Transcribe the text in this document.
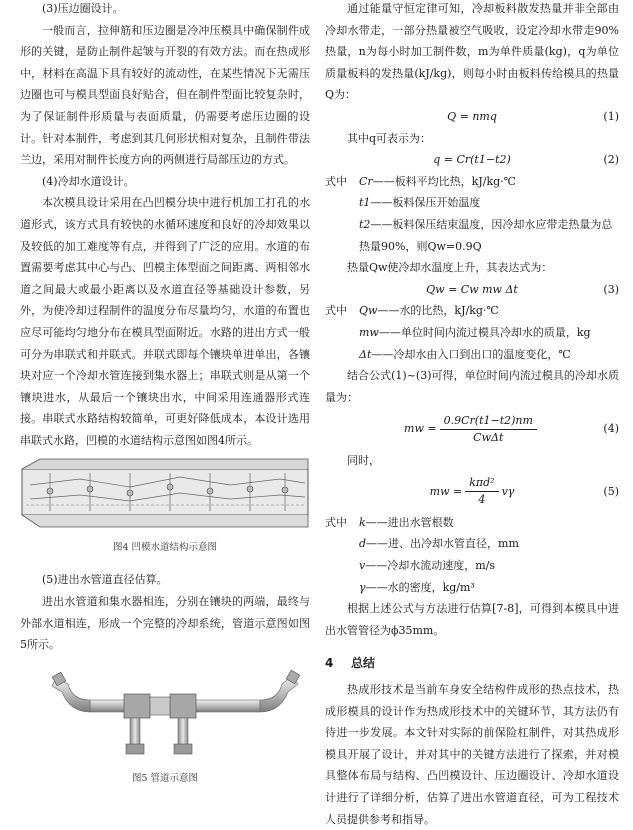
(3)压边圈设计。

一般而言，拉伸筋和压边圈是冷冲压模具中确保制件成形的关键，是防止制件起皱与开裂的有效方法。而在热成形中，材料在高温下具有较好的流动性，在某些情况下无需压边圈也可与模具型面良好贴合，但在制件型面比较复杂时，为了保证制件形质量与表面质量，仍需要考虑压边圈的设计。针对本制件，考虑到其几何形状相对复杂，且制件带法兰边，采用对制件长度方向的两侧进行局部压边的方式。

(4)冷却水道设计。

本次模具设计采用在凸凹模分块中进行机加工打孔的水道形式，该方式具有较快的水循环速度和良好的冷却效果以及较低的加工难度等有点，并得到了广泛的应用。水道的布置需要考虑其中心与凸、凹模主体型面之间距离、两相邻水道之间最大或最小距离以及水道直径等基础设计参数，另外，为使冷却过程制件的温度分布尽量均匀，水道的布置也应尽可能均匀地分布在模具型面附近。水路的进出方式一般可分为串联式和并联式。并联式即每个镶块单进单出，各镶块对应一个冷却水管连接到集水器上；串联式则是从第一个镶块进水，从最后一个镶块出水，中间采用连通器形式连接。串联式水路结构较简单，可更好降低成本，本设计选用串联式水路，凹模的水道结构示意图如图4所示。

图4 凹模水道结构示意图

(5)进出水管道直径估算。

进出水管道和集水器相连，分别在镶块的两端，最终与外部水道相连，形成一个完整的冷却系统，管道示意图如图5所示。

图5 管道示意图

通过能量守恒定律可知，冷却板料散发热量并非全部由冷却水带走，一部分热量被空气吸收，设定冷却水带走90%热量，n为每小时加工制件数，m为单件质量(kg)，q为单位质量板料的发热量(kJ/kg)，则每小时由板料传给模具的热量Q为：

Q = nmq	(1)

其中q可表示为：

q = Cr(t1−t2)	(2)
式中	Cr——板料平均比热，kJ/kg·℃
t1——板料保压开始温度
t2——板料保压结束温度，因冷却水应带走热量为总热量90%，则Qw=0.9Q

热量Qw使冷却水温度上升，其表达式为：

Qw = Cw mw Δt	(3)
式中	Qw——水的比热，kJ/kg·℃
mw——单位时间内流过模具冷却水的质量，kg
Δt——冷却水由入口到出口的温度变化，℃

结合公式(1)~(3)可得，单位时间内流过模具的冷却水质量为：

mw = $\frac{0.9Cr(t1-t2)nm}{\text{CwΔt}}$	(4)

同时，

mw = $\frac{\text{kπd²}}{4}$ vγ	(5)
式中	k——进出水管根数
d——进、出冷却水管直径，mm
v——冷却水流动速度，m/s
γ——水的密度，kg/m³

根据上述公式与方法进行估算[7-8]，可得到本模具中进出水管管径为ϕ35mm。

4 总结

热成形技术是当前车身安全结构件成形的热点技术，热成形模具的设计作为热成形技术中的关键环节，其方法仍有待进一步发展。本文针对实际的前保险杠制件，对其热成形模具开展了设计，并对其中的关键方法进行了探索，并对模具整体布局与结构、凸凹模设计、压边圈设计、冷却水道设计进行了详细分析，估算了进出水管道直径，可为工程技术人员提供参考和指导。
